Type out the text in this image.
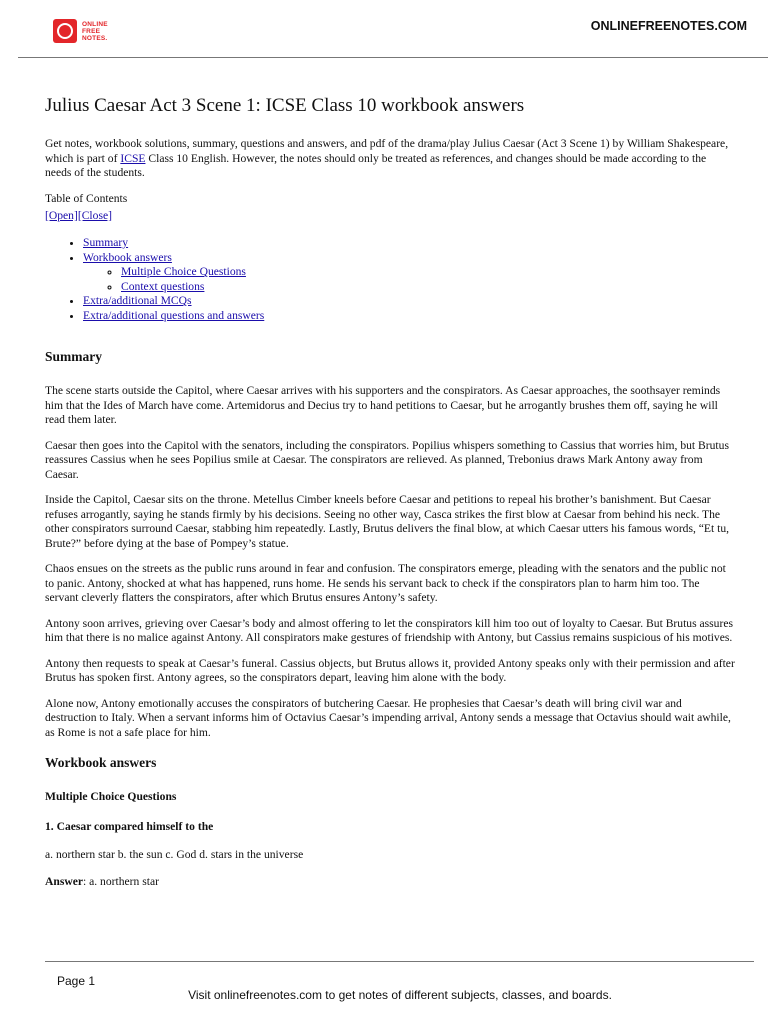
ONLINE
FREE
NOTES.
ONLINEFREENOTES.COM
Julius Caesar Act 3 Scene 1: ICSE Class 10 workbook answers

Get notes, workbook solutions, summary, questions and answers, and pdf of the drama/play Julius Caesar (Act 3 Scene 1) by William Shakespeare, which is part of ICSE Class 10 English. However, the notes should only be treated as references, and changes should be made according to the needs of the students.

Table of Contents

[Open][Close]
• Summary
• Workbook answers
◦ Multiple Choice Questions
◦ Context questions
• Extra/additional MCQs
• Extra/additional questions and answers
Summary

The scene starts outside the Capitol, where Caesar arrives with his supporters and the conspirators. As Caesar approaches, the soothsayer reminds him that the Ides of March have come. Artemidorus and Decius try to hand petitions to Caesar, but he arrogantly brushes them off, saying he will read them later.

Caesar then goes into the Capitol with the senators, including the conspirators. Popilius whispers something to Cassius that worries him, but Brutus reassures Cassius when he sees Popilius smile at Caesar. The conspirators are relieved. As planned, Trebonius draws Mark Antony away from Caesar.

Inside the Capitol, Caesar sits on the throne. Metellus Cimber kneels before Caesar and petitions to repeal his brother’s banishment. But Caesar refuses arrogantly, saying he stands firmly by his decisions. Seeing no other way, Casca strikes the first blow at Caesar from behind his neck. The other conspirators surround Caesar, stabbing him repeatedly. Lastly, Brutus delivers the final blow, at which Caesar utters his famous words, “Et tu, Brute?” before dying at the base of Pompey’s statue.

Chaos ensues on the streets as the public runs around in fear and confusion. The conspirators emerge, pleading with the senators and the public not to panic. Antony, shocked at what has happened, runs home. He sends his servant back to check if the conspirators plan to harm him too. The servant cleverly flatters the conspirators, after which Brutus ensures Antony’s safety.

Antony soon arrives, grieving over Caesar’s body and almost offering to let the conspirators kill him too out of loyalty to Caesar. But Brutus assures him that there is no malice against Antony. All conspirators make gestures of friendship with Antony, but Cassius remains suspicious of his motives.

Antony then requests to speak at Caesar’s funeral. Cassius objects, but Brutus allows it, provided Antony speaks only with their permission and after Brutus has spoken first. Antony agrees, so the conspirators depart, leaving him alone with the body.

Alone now, Antony emotionally accuses the conspirators of butchering Caesar. He prophesies that Caesar’s death will bring civil war and destruction to Italy. When a servant informs him of Octavius Caesar’s impending arrival, Antony sends a message that Octavius should wait awhile, as Rome is not a safe place for him.

Workbook answers
Multiple Choice Questions

1. Caesar compared himself to the

a. northern star b. the sun c. God d. stars in the universe

Answer: a. northern star

Page 1
Visit onlinefreenotes.com to get notes of different subjects, classes, and boards.
